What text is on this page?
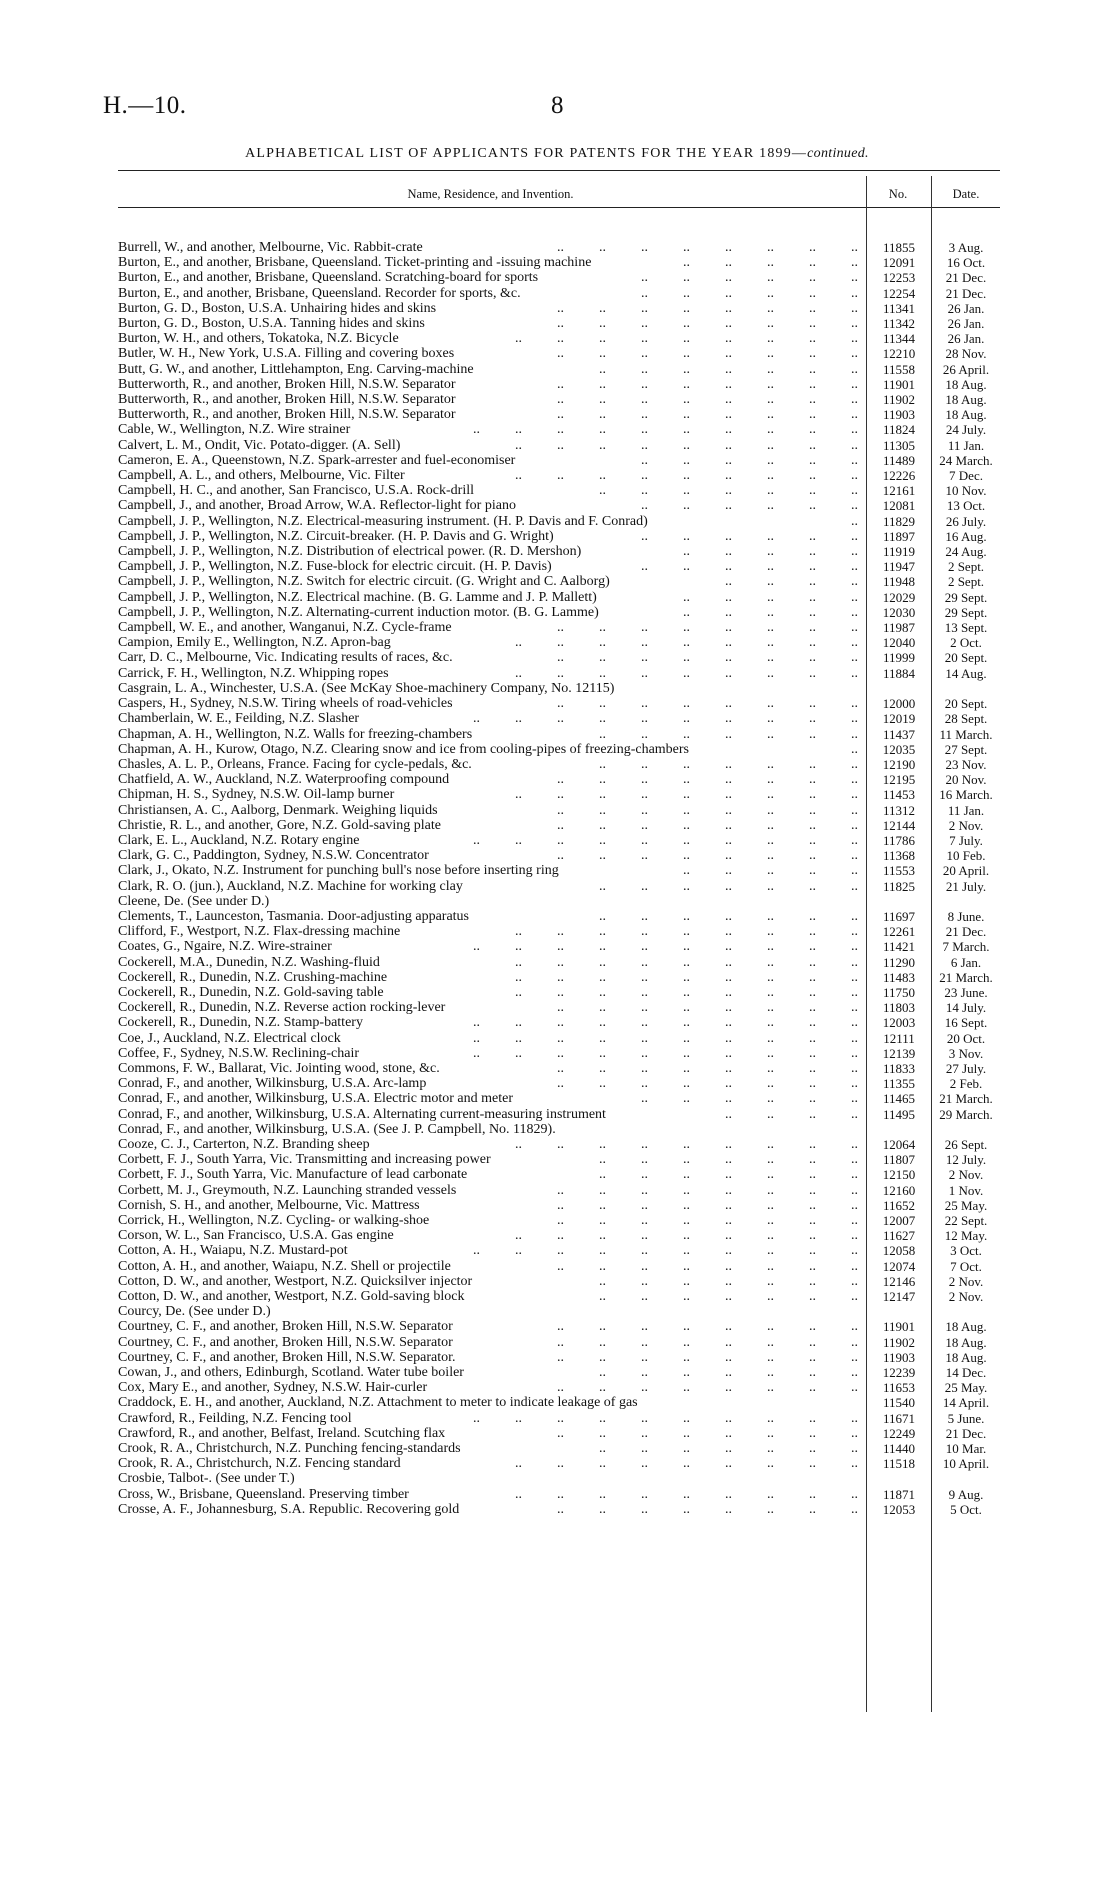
H.—10.	8
ALPHABETICAL LIST OF APPLICANTS FOR PATENTS FOR THE YEAR 1899—continued.
Name, Residence, and Invention.	No.	Date.
Burrell, W., and another, Melbourne, Vic. Rabbit-crate	..   ..   ..   ..   ..   ..   ..   ..	11855	3 Aug.
Burton, E., and another, Brisbane, Queensland. Ticket-printing and -issuing machine	..   ..   ..   ..   ..	12091	16 Oct.
Burton, E., and another, Brisbane, Queensland. Scratching-board for sports	..   ..   ..   ..   ..   ..	12253	21 Dec.
Burton, E., and another, Brisbane, Queensland. Recorder for sports, &c.	..   ..   ..   ..   ..   ..	12254	21 Dec.
Burton, G. D., Boston, U.S.A. Unhairing hides and skins	..   ..   ..   ..   ..   ..   ..   ..	11341	26 Jan.
Burton, G. D., Boston, U.S.A. Tanning hides and skins	..   ..   ..   ..   ..   ..   ..   ..	11342	26 Jan.
Burton, W. H., and others, Tokatoka, N.Z. Bicycle	..   ..   ..   ..   ..   ..   ..   ..   ..	11344	26 Jan.
Butler, W. H., New York, U.S.A. Filling and covering boxes	..   ..   ..   ..   ..   ..   ..   ..	12210	28 Nov.
Butt, G. W., and another, Littlehampton, Eng. Carving-machine	..   ..   ..   ..   ..   ..   ..	11558	26 April.
Butterworth, R., and another, Broken Hill, N.S.W. Separator	..   ..   ..   ..   ..   ..   ..   ..	11901	18 Aug.
Butterworth, R., and another, Broken Hill, N.S.W. Separator	..   ..   ..   ..   ..   ..   ..   ..	11902	18 Aug.
Butterworth, R., and another, Broken Hill, N.S.W. Separator	..   ..   ..   ..   ..   ..   ..   ..	11903	18 Aug.
Cable, W., Wellington, N.Z. Wire strainer	..   ..   ..   ..   ..   ..   ..   ..   ..   ..	11824	24 July.
Calvert, L. M., Ondit, Vic. Potato-digger. (A. Sell)	..   ..   ..   ..   ..   ..   ..   ..   ..	11305	11 Jan.
Cameron, E. A., Queenstown, N.Z. Spark-arrester and fuel-economiser	..   ..   ..   ..   ..   ..	11489	24 March.
Campbell, A. L., and others, Melbourne, Vic. Filter	..   ..   ..   ..   ..   ..   ..   ..   ..	12226	7 Dec.
Campbell, H. C., and another, San Francisco, U.S.A. Rock-drill	..   ..   ..   ..   ..   ..   ..	12161	10 Nov.
Campbell, J., and another, Broad Arrow, W.A. Reflector-light for piano	..   ..   ..   ..   ..   ..	12081	13 Oct.
Campbell, J. P., Wellington, N.Z. Electrical-measuring instrument. (H. P. Davis and F. Conrad)	..	11829	26 July.
Campbell, J. P., Wellington, N.Z. Circuit-breaker. (H. P. Davis and G. Wright)	..   ..   ..   ..   ..   ..	11897	16 Aug.
Campbell, J. P., Wellington, N.Z. Distribution of electrical power. (R. D. Mershon)	..   ..   ..   ..   ..	11919	24 Aug.
Campbell, J. P., Wellington, N.Z. Fuse-block for electric circuit. (H. P. Davis)	..   ..   ..   ..   ..   ..	11947	2 Sept.
Campbell, J. P., Wellington, N.Z. Switch for electric circuit. (G. Wright and C. Aalborg)	..   ..   ..   ..	11948	2 Sept.
Campbell, J. P., Wellington, N.Z. Electrical machine. (B. G. Lamme and J. P. Mallett)	..   ..   ..   ..   ..	12029	29 Sept.
Campbell, J. P., Wellington, N.Z. Alternating-current induction motor. (B. G. Lamme)	..   ..   ..   ..   ..	12030	29 Sept.
Campbell, W. E., and another, Wanganui, N.Z. Cycle-frame	..   ..   ..   ..   ..   ..   ..   ..	11987	13 Sept.
Campion, Emily E., Wellington, N.Z. Apron-bag	..   ..   ..   ..   ..   ..   ..   ..   ..	12040	2 Oct.
Carr, D. C., Melbourne, Vic. Indicating results of races, &c.	..   ..   ..   ..   ..   ..   ..   ..	11999	20 Sept.
Carrick, F. H., Wellington, N.Z. Whipping ropes	..   ..   ..   ..   ..   ..   ..   ..   ..	11884	14 Aug.
Casgrain, L. A., Winchester, U.S.A. (See McKay Shoe-machinery Company, No. 12115)
Caspers, H., Sydney, N.S.W. Tiring wheels of road-vehicles	..   ..   ..   ..   ..   ..   ..   ..	12000	20 Sept.
Chamberlain, W. E., Feilding, N.Z. Slasher	..   ..   ..   ..   ..   ..   ..   ..   ..   ..	12019	28 Sept.
Chapman, A. H., Wellington, N.Z. Walls for freezing-chambers	..   ..   ..   ..   ..   ..   ..	11437	11 March.
Chapman, A. H., Kurow, Otago, N.Z. Clearing snow and ice from cooling-pipes of freezing-chambers	..	12035	27 Sept.
Chasles, A. L. P., Orleans, France. Facing for cycle-pedals, &c.	..   ..   ..   ..   ..   ..   ..	12190	23 Nov.
Chatfield, A. W., Auckland, N.Z. Waterproofing compound	..   ..   ..   ..   ..   ..   ..   ..	12195	20 Nov.
Chipman, H. S., Sydney, N.S.W. Oil-lamp burner	..   ..   ..   ..   ..   ..   ..   ..   ..	11453	16 March.
Christiansen, A. C., Aalborg, Denmark. Weighing liquids	..   ..   ..   ..   ..   ..   ..   ..	11312	11 Jan.
Christie, R. L., and another, Gore, N.Z. Gold-saving plate	..   ..   ..   ..   ..   ..   ..   ..	12144	2 Nov.
Clark, E. L., Auckland, N.Z. Rotary engine	..   ..   ..   ..   ..   ..   ..   ..   ..   ..	11786	7 July.
Clark, G. C., Paddington, Sydney, N.S.W. Concentrator	..   ..   ..   ..   ..   ..   ..   ..	11368	10 Feb.
Clark, J., Okato, N.Z. Instrument for punching bull's nose before inserting ring	..   ..   ..   ..   ..	11553	20 April.
Clark, R. O. (jun.), Auckland, N.Z. Machine for working clay	..   ..   ..   ..   ..   ..   ..	11825	21 July.
Cleene, De. (See under D.)
Clements, T., Launceston, Tasmania. Door-adjusting apparatus	..   ..   ..   ..   ..   ..   ..	11697	8 June.
Clifford, F., Westport, N.Z. Flax-dressing machine	..   ..   ..   ..   ..   ..   ..   ..   ..	12261	21 Dec.
Coates, G., Ngaire, N.Z. Wire-strainer	..   ..   ..   ..   ..   ..   ..   ..   ..   ..	11421	7 March.
Cockerell, M.A., Dunedin, N.Z. Washing-fluid	..   ..   ..   ..   ..   ..   ..   ..   ..	11290	6 Jan.
Cockerell, R., Dunedin, N.Z. Crushing-machine	..   ..   ..   ..   ..   ..   ..   ..   ..	11483	21 March.
Cockerell, R., Dunedin, N.Z. Gold-saving table	..   ..   ..   ..   ..   ..   ..   ..   ..	11750	23 June.
Cockerell, R., Dunedin, N.Z. Reverse action rocking-lever	..   ..   ..   ..   ..   ..   ..   ..	11803	14 July.
Cockerell, R., Dunedin, N.Z. Stamp-battery	..   ..   ..   ..   ..   ..   ..   ..   ..   ..	12003	16 Sept.
Coe, J., Auckland, N.Z. Electrical clock	..   ..   ..   ..   ..   ..   ..   ..   ..   ..	12111	20 Oct.
Coffee, F., Sydney, N.S.W. Reclining-chair	..   ..   ..   ..   ..   ..   ..   ..   ..   ..	12139	3 Nov.
Commons, F. W., Ballarat, Vic. Jointing wood, stone, &c.	..   ..   ..   ..   ..   ..   ..   ..	11833	27 July.
Conrad, F., and another, Wilkinsburg, U.S.A. Arc-lamp	..   ..   ..   ..   ..   ..   ..   ..	11355	2 Feb.
Conrad, F., and another, Wilkinsburg, U.S.A. Electric motor and meter	..   ..   ..   ..   ..   ..	11465	21 March.
Conrad, F., and another, Wilkinsburg, U.S.A. Alternating current-measuring instrument	..   ..   ..   ..	11495	29 March.
Conrad, F., and another, Wilkinsburg, U.S.A. (See J. P. Campbell, No. 11829).
Cooze, C. J., Carterton, N.Z. Branding sheep	..   ..   ..   ..   ..   ..   ..   ..   ..	12064	26 Sept.
Corbett, F. J., South Yarra, Vic. Transmitting and increasing power	..   ..   ..   ..   ..   ..   ..	11807	12 July.
Corbett, F. J., South Yarra, Vic. Manufacture of lead carbonate	..   ..   ..   ..   ..   ..   ..	12150	2 Nov.
Corbett, M. J., Greymouth, N.Z. Launching stranded vessels	..   ..   ..   ..   ..   ..   ..   ..	12160	1 Nov.
Cornish, S. H., and another, Melbourne, Vic. Mattress	..   ..   ..   ..   ..   ..   ..   ..	11652	25 May.
Corrick, H., Wellington, N.Z. Cycling- or walking-shoe	..   ..   ..   ..   ..   ..   ..   ..	12007	22 Sept.
Corson, W. L., San Francisco, U.S.A. Gas engine	..   ..   ..   ..   ..   ..   ..   ..   ..	11627	12 May.
Cotton, A. H., Waiapu, N.Z. Mustard-pot	..   ..   ..   ..   ..   ..   ..   ..   ..   ..	12058	3 Oct.
Cotton, A. H., and another, Waiapu, N.Z. Shell or projectile	..   ..   ..   ..   ..   ..   ..   ..	12074	7 Oct.
Cotton, D. W., and another, Westport, N.Z. Quicksilver injector	..   ..   ..   ..   ..   ..   ..	12146	2 Nov.
Cotton, D. W., and another, Westport, N.Z. Gold-saving block	..   ..   ..   ..   ..   ..   ..	12147	2 Nov.
Courcy, De. (See under D.)
Courtney, C. F., and another, Broken Hill, N.S.W. Separator	..   ..   ..   ..   ..   ..   ..   ..	11901	18 Aug.
Courtney, C. F., and another, Broken Hill, N.S.W. Separator	..   ..   ..   ..   ..   ..   ..   ..	11902	18 Aug.
Courtney, C. F., and another, Broken Hill, N.S.W. Separator.	..   ..   ..   ..   ..   ..   ..   ..	11903	18 Aug.
Cowan, J., and others, Edinburgh, Scotland. Water tube boiler	..   ..   ..   ..   ..   ..   ..	12239	14 Dec.
Cox, Mary E., and another, Sydney, N.S.W. Hair-curler	..   ..   ..   ..   ..   ..   ..   ..	11653	25 May.
Craddock, E. H., and another, Auckland, N.Z. Attachment to meter to indicate leakage of gas	11540	14 April.
Crawford, R., Feilding, N.Z. Fencing tool	..   ..   ..   ..   ..   ..   ..   ..   ..   ..	11671	5 June.
Crawford, R., and another, Belfast, Ireland. Scutching flax	..   ..   ..   ..   ..   ..   ..   ..	12249	21 Dec.
Crook, R. A., Christchurch, N.Z. Punching fencing-standards	..   ..   ..   ..   ..   ..   ..	11440	10 Mar.
Crook, R. A., Christchurch, N.Z. Fencing standard	..   ..   ..   ..   ..   ..   ..   ..   ..	11518	10 April.
Crosbie, Talbot-. (See under T.)
Cross, W., Brisbane, Queensland. Preserving timber	..   ..   ..   ..   ..   ..   ..   ..   ..	11871	9 Aug.
Crosse, A. F., Johannesburg, S.A. Republic. Recovering gold	..   ..   ..   ..   ..   ..   ..   ..	12053	5 Oct.
